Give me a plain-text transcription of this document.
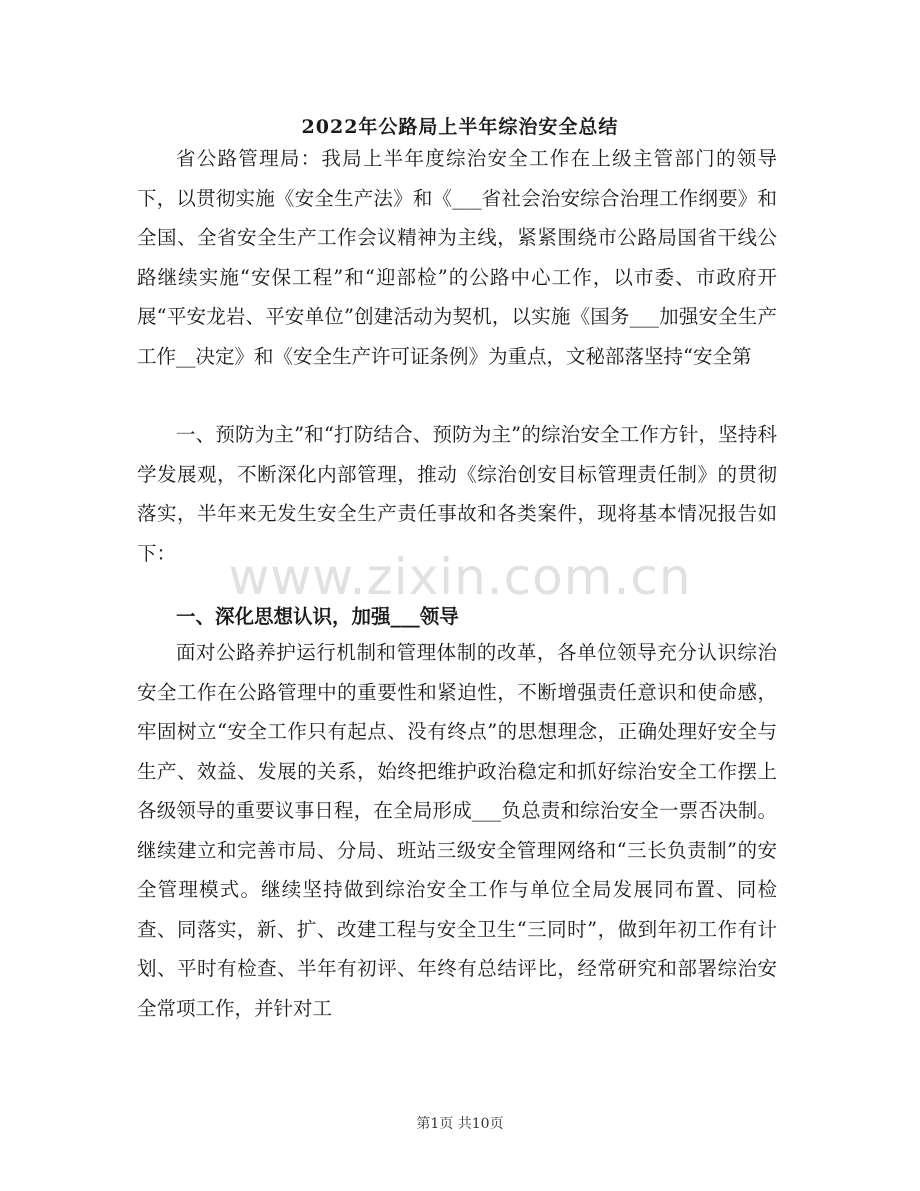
2022年公路局上半年综治安全总结

省公路管理局：我局上半年度综治安全工作在上级主管部门的领导下，以贯彻实施《安全生产法》和《___省社会治安综合治理工作纲要》和全国、全省安全生产工作会议精神为主线，紧紧围绕市公路局国省干线公路继续实施“安保工程”和“迎部检”的公路中心工作，以市委、市政府开展“平安龙岩、平安单位”创建活动为契机，以实施《国务___加强安全生产工作__决定》和《安全生产许可证条例》为重点，文秘部落坚持“安全第

一、预防为主”和“打防结合、预防为主”的综治安全工作方针，坚持科学发展观，不断深化内部管理，推动《综治创安目标管理责任制》的贯彻落实，半年来无发生安全生产责任事故和各类案件，现将基本情况报告如下：	www.zixin.com.cn

一、深化思想认识，加强___领导

面对公路养护运行机制和管理体制的改革，各单位领导充分认识综治安全工作在公路管理中的重要性和紧迫性，不断增强责任意识和使命感，牢固树立“安全工作只有起点、没有终点”的思想理念，正确处理好安全与生产、效益、发展的关系，始终把维护政治稳定和抓好综治安全工作摆上各级领导的重要议事日程，在全局形成___负总责和综治安全一票否决制。继续建立和完善市局、分局、班站三级安全管理网络和“三长负责制”的安全管理模式。继续坚持做到综治安全工作与单位全局发展同布置、同检查、同落实，新、扩、改建工程与安全卫生“三同时”，做到年初工作有计划、平时有检查、半年有初评、年终有总结评比，经常研究和部署综治安全常项工作，并针对工

第1页 共10页
